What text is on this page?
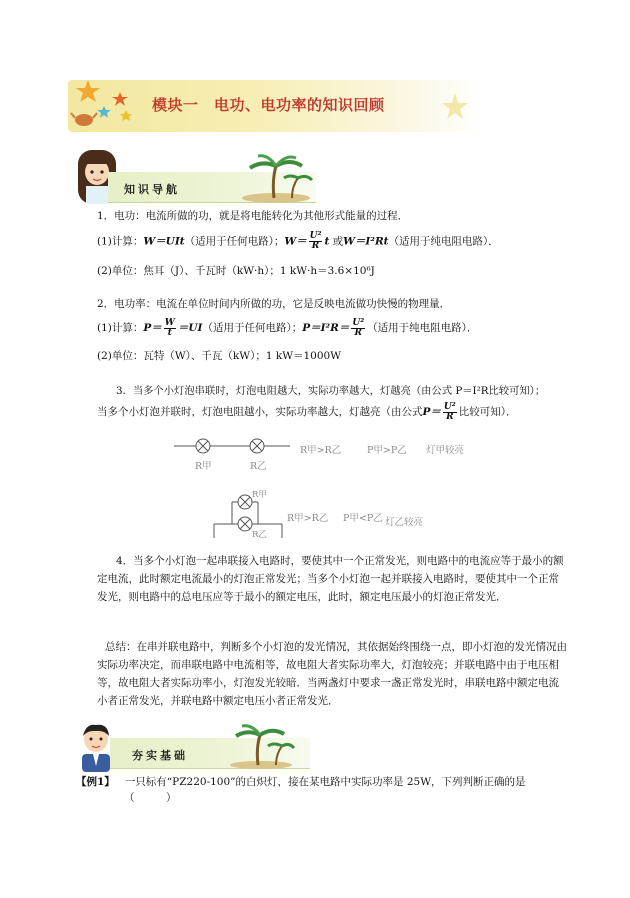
模块一　电功、电功率的知识回顾
知识导航
1．电功：电流所做的功，就是将电能转化为其他形式能量的过程．
(1)计算：W＝UIt（适用于任何电路）；$W= \frac{\text{U²}}{R}$ t 或W＝I²Rt（适用于纯电阻电路）．
(2)单位：焦耳（J）、千瓦时（kW·h）；1 kW·h＝3.6×10⁶J
2．电功率：电流在单位时间内所做的功，它是反映电流做功快慢的物理量．
(1)计算：$P= \frac{W}{t} =UI$（适用于任何电路）；$P=I^2R= \frac{\text{U²}}{R}$ （适用于纯电阻电路）．
(2)单位：瓦特（W）、千瓦（kW）；1 kW＝1000W
3．当多个小灯泡串联时，灯泡电阻越大，实际功率越大，灯越亮（由公式 P＝I²R比较可知）；
当多个小灯泡并联时，灯泡电阻越小，实际功率越大，灯越亮（由公式$P= \frac{\text{U²}}{R}$ 比较可知）．
R甲	R乙
R甲>R乙	P甲>P乙 灯甲较亮
R甲
R乙
R甲>R乙 P甲<P乙 灯乙较亮
4．当多个小灯泡一起串联接入电路时，要使其中一个正常发光，则电路中的电流应等于最小的额定电流，此时额定电流最小的灯泡正常发光；当多个小灯泡一起并联接入电路时，要使其中一个正常发光，则电路中的总电压应等于最小的额定电压，此时，额定电压最小的灯泡正常发光．
总结：在串并联电路中，判断多个小灯泡的发光情况，其依据始终围绕一点，即小灯泡的发光情况由实际功率决定，而串联电路中电流相等，故电阻大者实际功率大，灯泡较亮；并联电路中由于电压相等，故电阻大者实际功率小，灯泡发光较暗．当两盏灯中要求一盏正常发光时，串联电路中额定电流小者正常发光，并联电路中额定电压小者正常发光．
夯实基础
【例1】 一只标有“PZ220-100”的白炽灯，接在某电路中实际功率是 25W，下列判断正确的是
（　　　）
